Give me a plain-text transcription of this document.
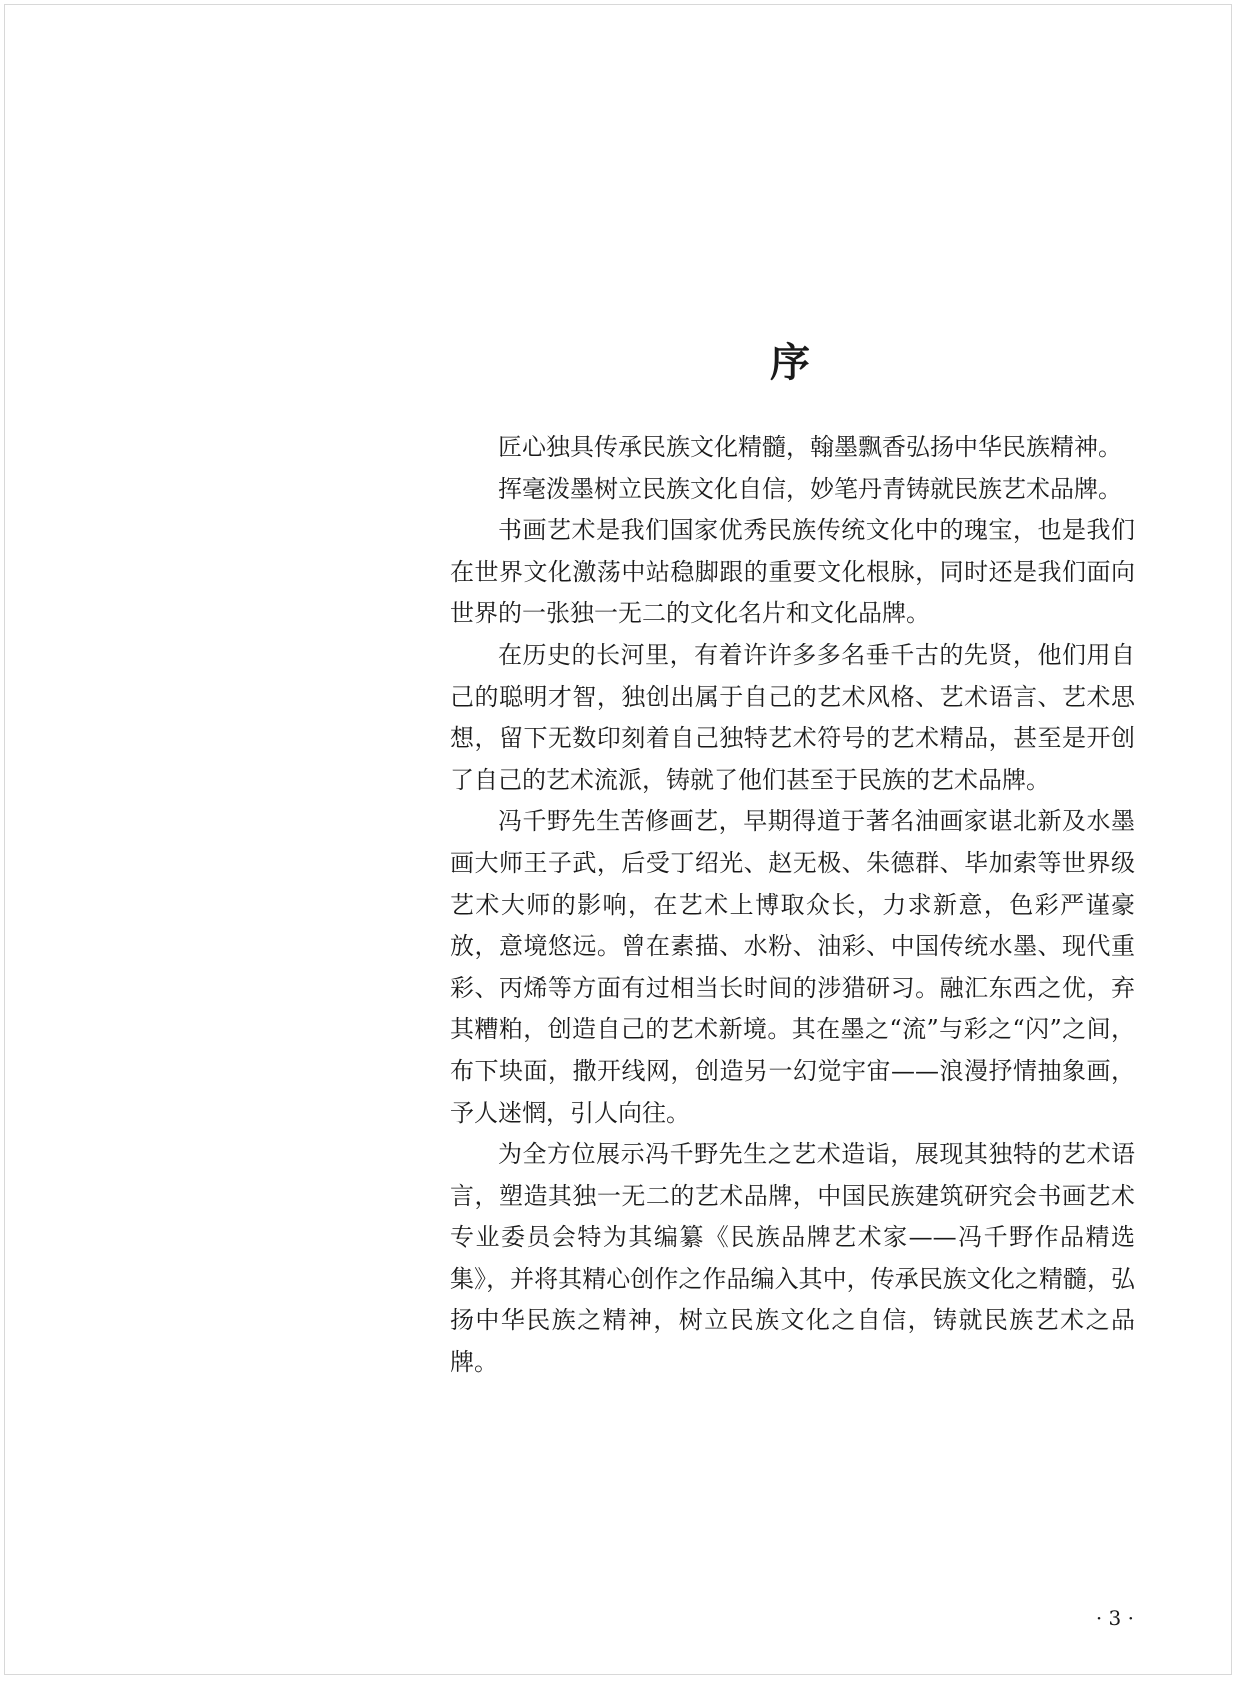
序

匠心独具传承民族文化精髓，翰墨飘香弘扬中华民族精神。

挥毫泼墨树立民族文化自信，妙笔丹青铸就民族艺术品牌。

书画艺术是我们国家优秀民族传统文化中的瑰宝，也是我们在世界文化激荡中站稳脚跟的重要文化根脉，同时还是我们面向世界的一张独一无二的文化名片和文化品牌。

在历史的长河里，有着许许多多名垂千古的先贤，他们用自己的聪明才智，独创出属于自己的艺术风格、艺术语言、艺术思想，留下无数印刻着自己独特艺术符号的艺术精品，甚至是开创了自己的艺术流派，铸就了他们甚至于民族的艺术品牌。

冯千野先生苦修画艺，早期得道于著名油画家谌北新及水墨画大师王子武，后受丁绍光、赵无极、朱德群、毕加索等世界级艺术大师的影响，在艺术上博取众长，力求新意，色彩严谨豪放，意境悠远。曾在素描、水粉、油彩、中国传统水墨、现代重彩、丙烯等方面有过相当长时间的涉猎研习。融汇东西之优，弃其糟粕，创造自己的艺术新境。其在墨之“流”与彩之“闪”之间，布下块面，撒开线网，创造另一幻觉宇宙——浪漫抒情抽象画，予人迷惘，引人向往。

为全方位展示冯千野先生之艺术造诣，展现其独特的艺术语言，塑造其独一无二的艺术品牌，中国民族建筑研究会书画艺术专业委员会特为其编纂《民族品牌艺术家——冯千野作品精选集》，并将其精心创作之作品编入其中，传承民族文化之精髓，弘扬中华民族之精神，树立民族文化之自信，铸就民族艺术之品牌。

· 3 ·
